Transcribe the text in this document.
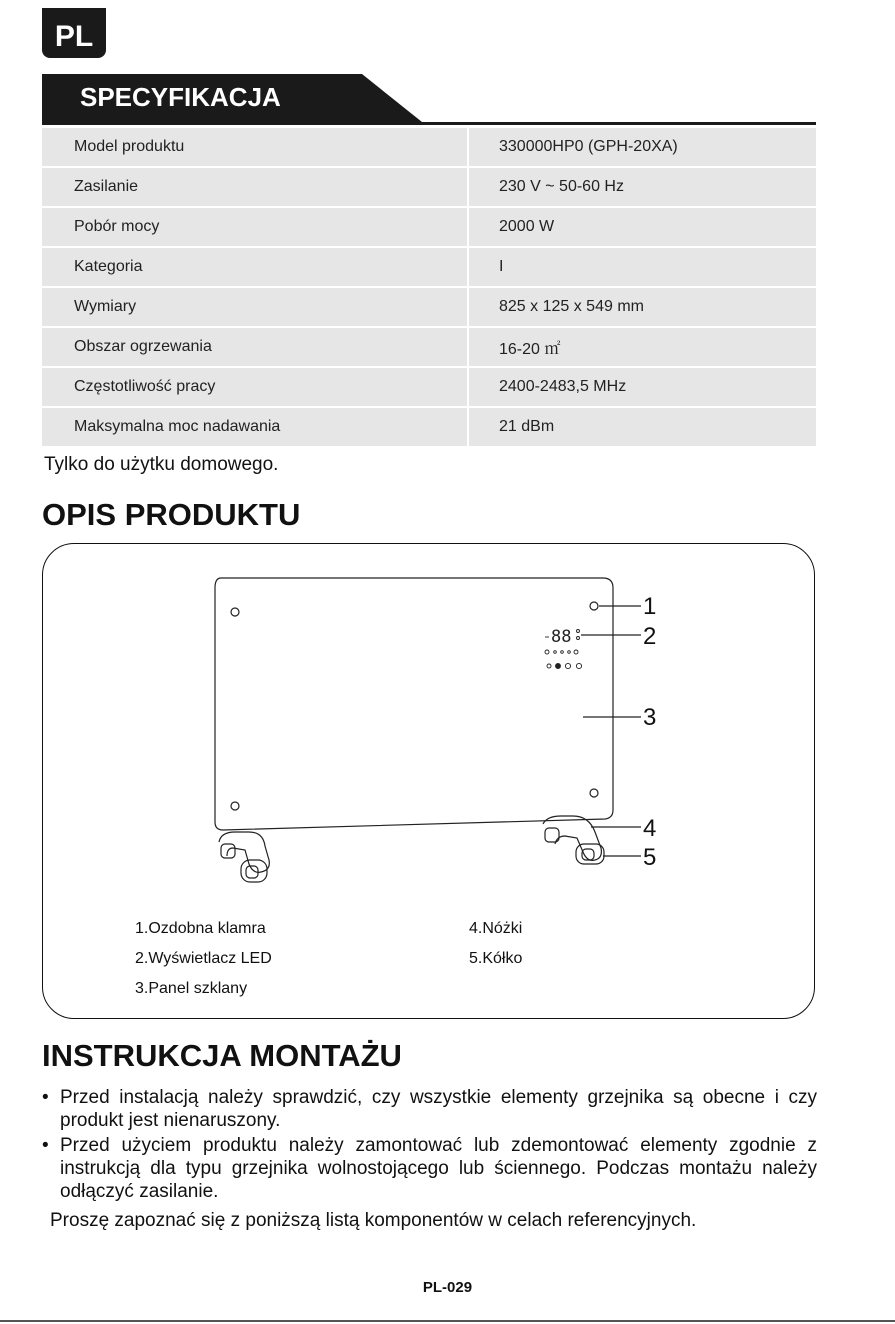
PL
SPECYFIKACJA
Model produktu	330000HP0 (GPH-20XA)
Zasilanie	230 V ~ 50-60 Hz
Pobór mocy	2000 W
Kategoria	I
Wymiary	825 x 125 x 549 mm
Obszar ogrzewania	16-20 ㎡
Częstotliwość pracy	2400-2483,5 MHz
Maksymalna moc nadawania	21 dBm
Tylko do użytku domowego.
OPIS PRODUKTU
88
1
2
3
4
5
1.Ozdobna klamra
2.Wyświetlacz LED
3.Panel szklany
4.Nóżki
5.Kółko
INSTRUKCJA MONTAŻU
• Przed instalacją należy sprawdzić, czy wszystkie elementy grzejnika są obecne i czy produkt jest nienaruszony.
• Przed użyciem produktu należy zamontować lub zdemontować elementy zgodnie z instrukcją dla typu grzejnika wolnostojącego lub ściennego. Podczas montażu należy odłączyć zasilanie.
Proszę zapoznać się z poniższą listą komponentów w celach referencyjnych.
PL-029
